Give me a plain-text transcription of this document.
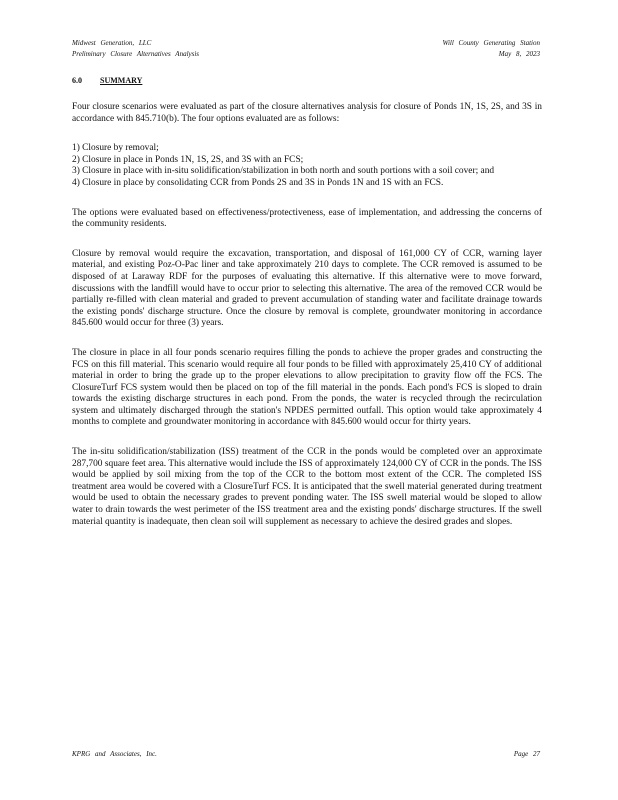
Midwest Generation, LLC
Preliminary Closure Alternatives Analysis
Will County Generating Station
May 8, 2023
6.0 SUMMARY

Four closure scenarios were evaluated as part of the closure alternatives analysis for closure of Ponds 1N, 1S, 2S, and 3S in accordance with 845.710(b). The four options evaluated are as follows:

1) Closure by removal;
2) Closure in place in Ponds 1N, 1S, 2S, and 3S with an FCS;
3) Closure in place with in-situ solidification/stabilization in both north and south portions with a soil cover; and
4) Closure in place by consolidating CCR from Ponds 2S and 3S in Ponds 1N and 1S with an FCS.

The options were evaluated based on effectiveness/protectiveness, ease of implementation, and addressing the concerns of the community residents.

Closure by removal would require the excavation, transportation, and disposal of 161,000 CY of CCR, warning layer material, and existing Poz-O-Pac liner and take approximately 210 days to complete. The CCR removed is assumed to be disposed of at Laraway RDF for the purposes of evaluating this alternative. If this alternative were to move forward, discussions with the landfill would have to occur prior to selecting this alternative. The area of the removed CCR would be partially re-filled with clean material and graded to prevent accumulation of standing water and facilitate drainage towards the existing ponds' discharge structure. Once the closure by removal is complete, groundwater monitoring in accordance 845.600 would occur for three (3) years.

The closure in place in all four ponds scenario requires filling the ponds to achieve the proper grades and constructing the FCS on this fill material. This scenario would require all four ponds to be filled with approximately 25,410 CY of additional material in order to bring the grade up to the proper elevations to allow precipitation to gravity flow off the FCS. The ClosureTurf FCS system would then be placed on top of the fill material in the ponds. Each pond's FCS is sloped to drain towards the existing discharge structures in each pond. From the ponds, the water is recycled through the recirculation system and ultimately discharged through the station's NPDES permitted outfall. This option would take approximately 4 months to complete and groundwater monitoring in accordance with 845.600 would occur for thirty years.

The in-situ solidification/stabilization (ISS) treatment of the CCR in the ponds would be completed over an approximate 287,700 square feet area. This alternative would include the ISS of approximately 124,000 CY of CCR in the ponds. The ISS would be applied by soil mixing from the top of the CCR to the bottom most extent of the CCR. The completed ISS treatment area would be covered with a ClosureTurf FCS. It is anticipated that the swell material generated during treatment would be used to obtain the necessary grades to prevent ponding water. The ISS swell material would be sloped to allow water to drain towards the west perimeter of the ISS treatment area and the existing ponds' discharge structures. If the swell material quantity is inadequate, then clean soil will supplement as necessary to achieve the desired grades and slopes.

KPRG and Associates, Inc.	Page 27
